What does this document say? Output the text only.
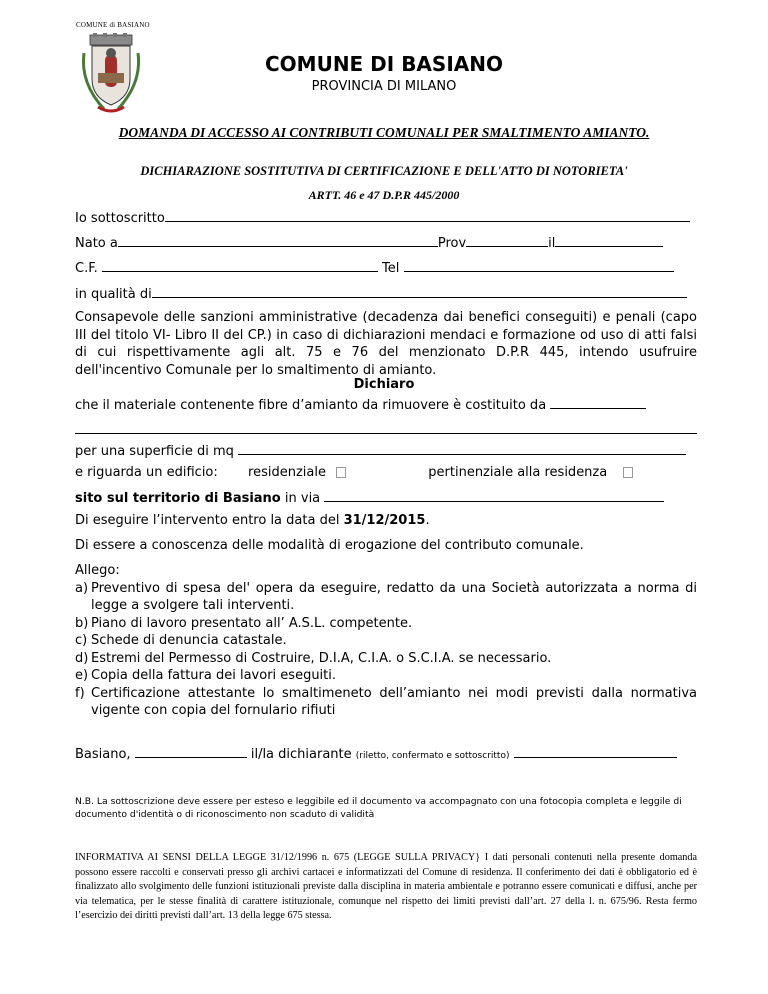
COMUNE di BASIANO
COMUNE DI BASIANO
PROVINCIA DI MILANO
DOMANDA DI ACCESSO AI CONTRIBUTI COMUNALI PER SMALTIMENTO AMIANTO.
DICHIARAZIONE SOSTITUTIVA DI CERTIFICAZIONE E DELL'ATTO DI NOTORIETA'
ARTT. 46 e 47 D.P.R 445/2000
Io sottoscritto
Nato a	Prov	il
C.F.	Tel
in qualità di
Consapevole delle sanzioni amministrative (decadenza dai benefici conseguiti) e penali (capo III del titolo VI- Libro II del CP.) in caso di dichiarazioni mendaci e formazione od uso di atti falsi di cui rispettivamente agli alt. 75 e 76 del menzionato D.P.R 445, intendo usufruire dell'incentivo Comunale per lo smaltimento di amianto.
Dichiaro
che il materiale contenente fibre d’amianto da rimuovere è costituito da
per una superficie di mq
e riguarda un edificio: residenziale	pertinenziale alla residenza
sito sul territorio di Basiano in via
Di eseguire l’intervento entro la data del 31/12/2015.
Di essere a conoscenza delle modalità di erogazione del contributo comunale.
Allego:
a) Preventivo di spesa del' opera da eseguire, redatto da una Società autorizzata a norma di legge a svolgere tali interventi.
b) Piano di lavoro presentato all’ A.S.L. competente.
c) Schede di denuncia catastale.
d) Estremi del Permesso di Costruire, D.I.A, C.I.A. o S.C.I.A. se necessario.
e) Copia della fattura dei lavori eseguiti.
f) Certificazione attestante lo smaltimeneto dell’amianto nei modi previsti dalla normativa vigente con copia del fornulario rifiuti
Basiano,	il/la dichiarante (riletto, confermato e sottoscritto)
N.B. La sottoscrizione deve essere per esteso e leggibile ed il documento va accompagnato con una fotocopia completa e leggile di documento d'identità o di riconoscimento non scaduto di validità
INFORMATIVA AI SENSI DELLA LEGGE 31/12/1996 n. 675 (LEGGE SULLA PRIVACY} I dati personali contenuti nella presente domanda possono essere raccolti e conservati presso gli archivi cartacei e informatizzati del Comune di residenza. Il conferimento dei dati è obbligatorio ed è finalizzato allo svolgimento delle funzioni istituzionali previste dalla disciplina in materia ambientale e potranno essere comunicati e diffusi, anche per via telematica, per le stesse finalità di carattere istituzionale, comunque nel rispetto dei limiti previsti dall’art. 27 della l. n. 675/96. Resta fermo l’esercizio dei diritti previsti dall’art. 13 della legge 675 stessa.
